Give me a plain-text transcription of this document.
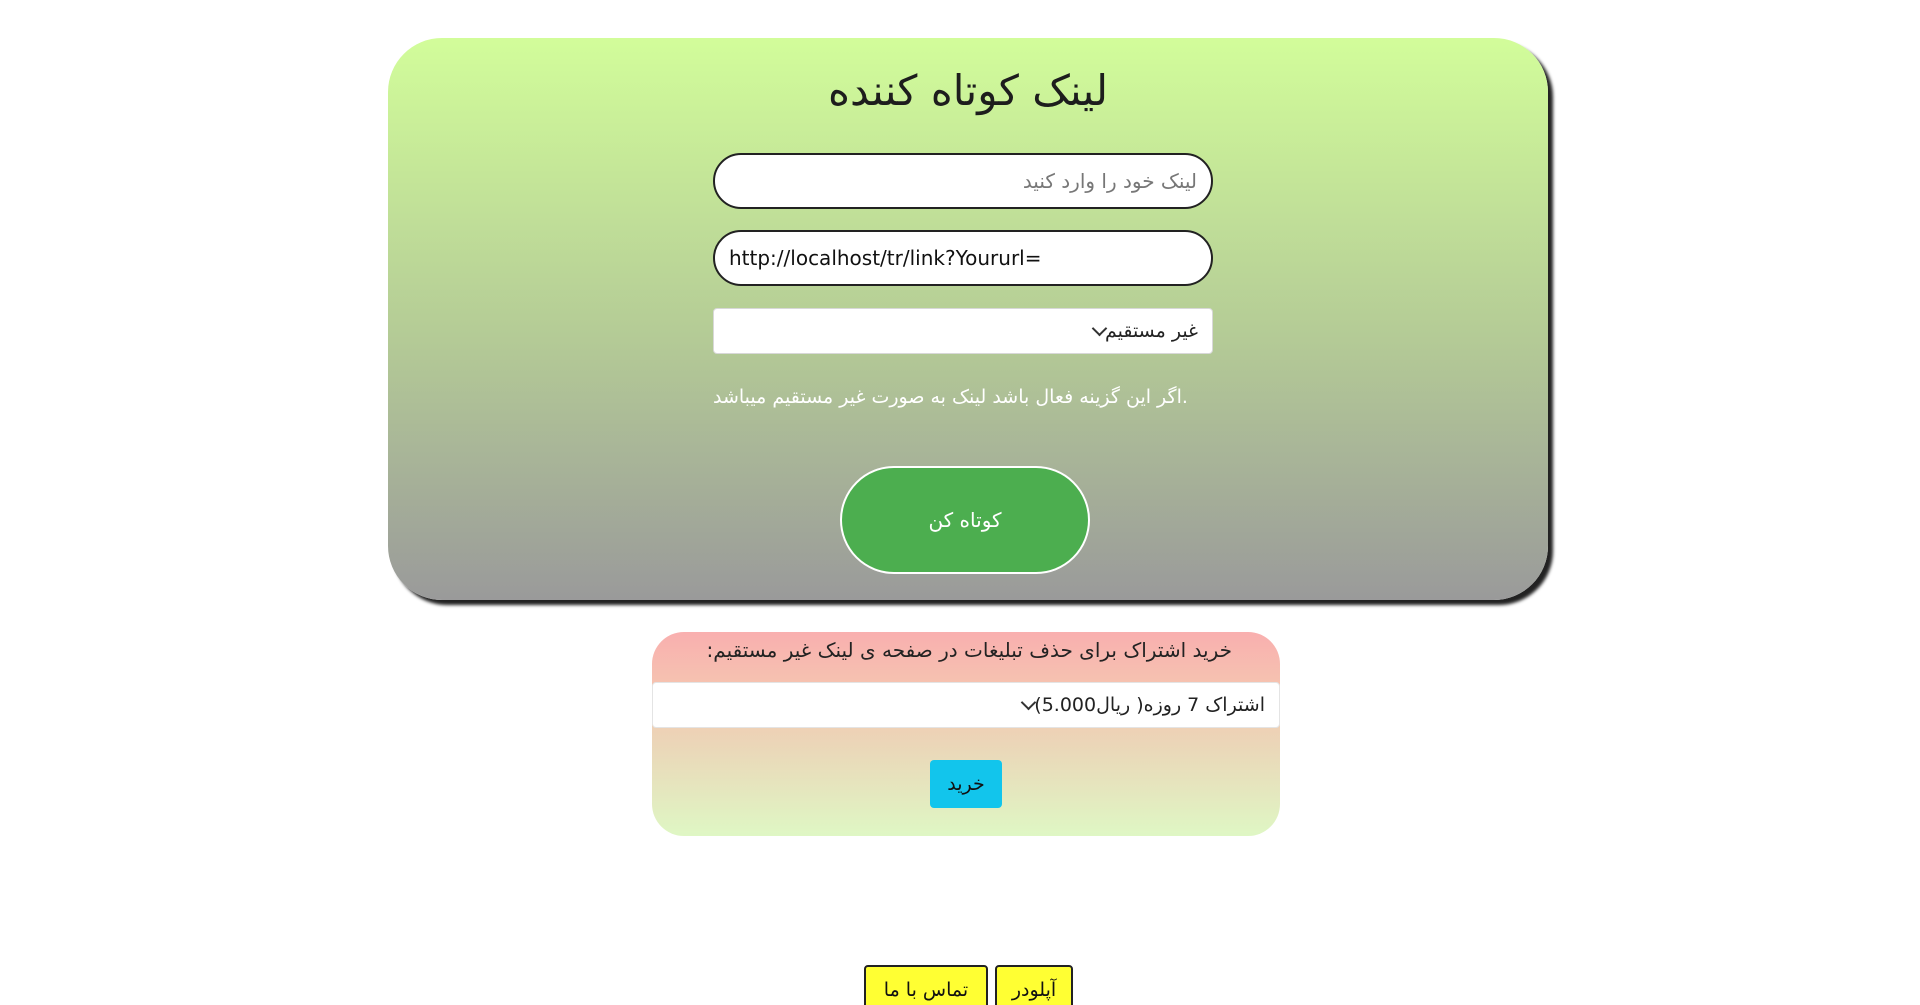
لینک کوتاه کننده
لینک خود را وارد کنید
http://localhost/tr/link?Yoururl=
غیر مستقیم
.اگر این گزینه فعال باشد لینک به صورت غیر مستقیم میباشد
کوتاه کن
خرید اشتراک برای حذف تبلیغات در صفحه ی لینک غیر مستقیم:
اشتراک 7 روزه( ریال5.000)
خرید
تماس با ما	آپلودر
